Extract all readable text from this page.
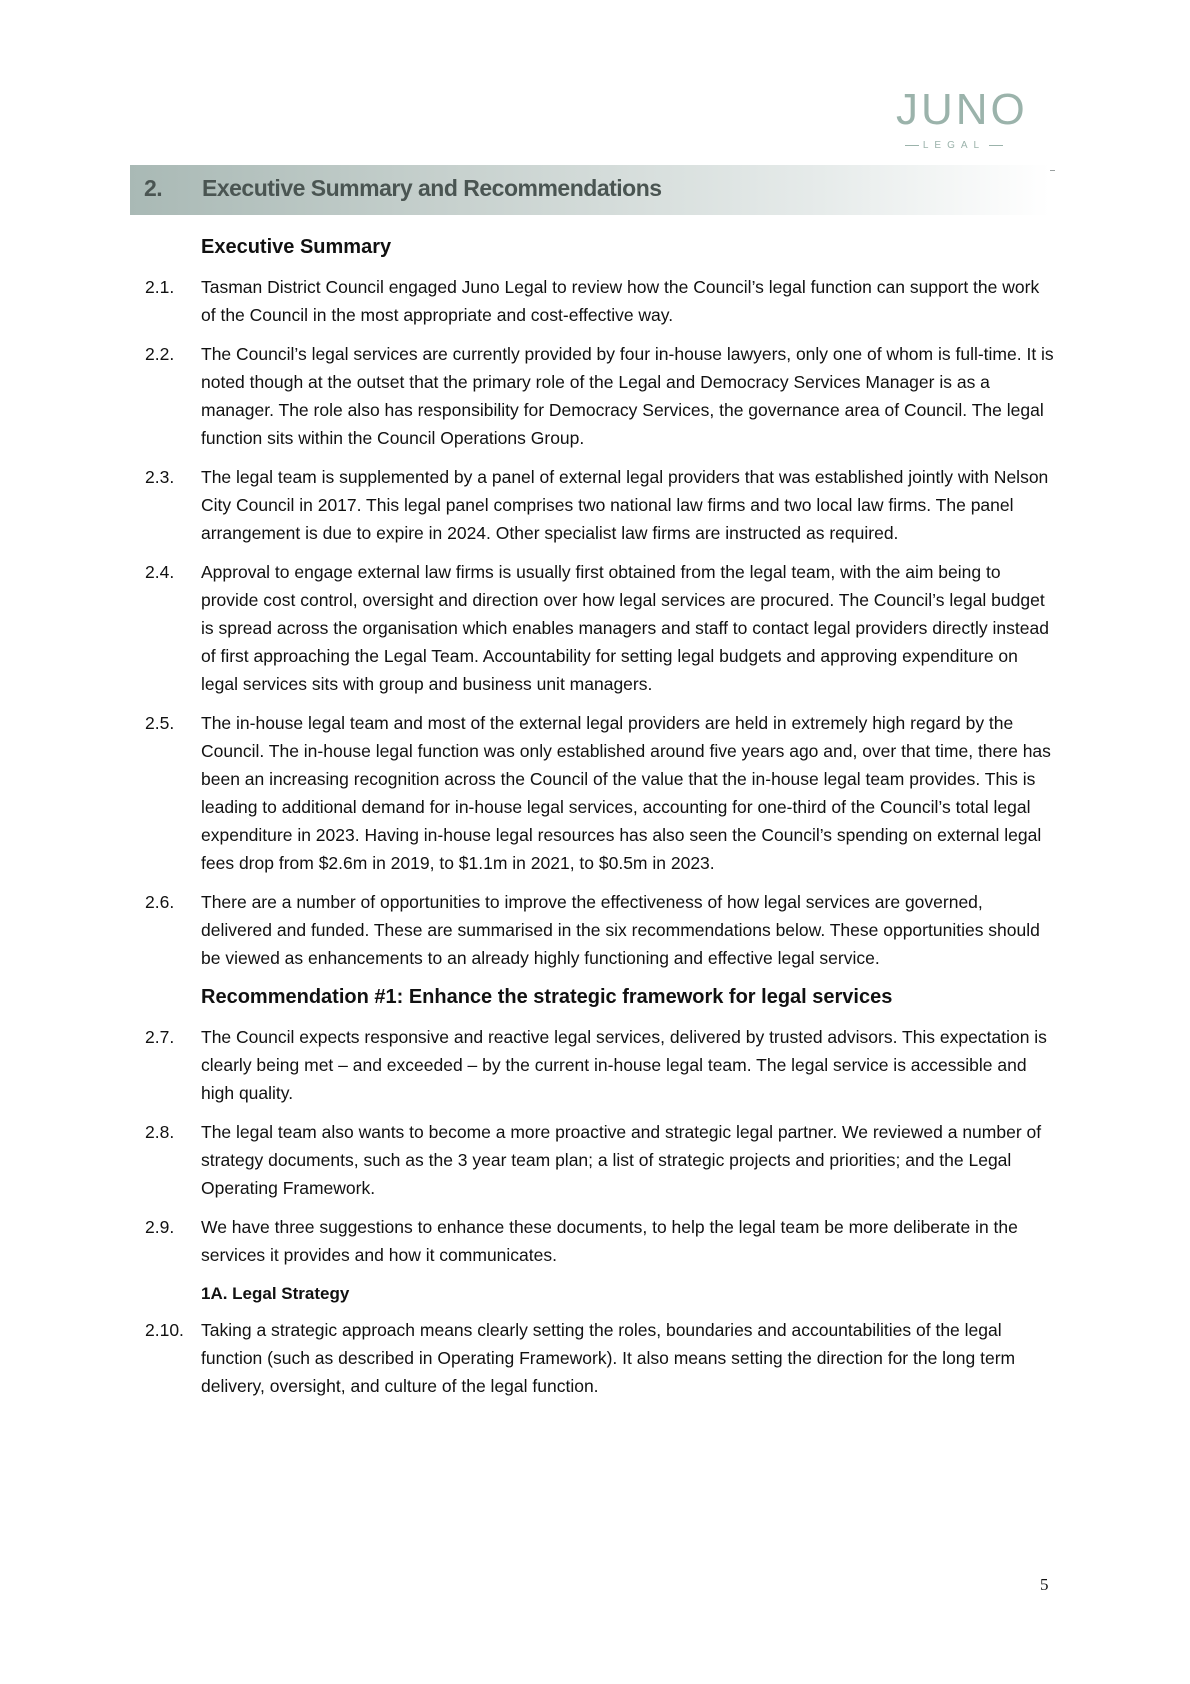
JUNO
LEGAL
2. Executive Summary and Recommendations
Executive Summary
2.1.	Tasman District Council engaged Juno Legal to review how the Council’s legal function can support the work of the Council in the most appropriate and cost-effective way.
2.2.	The Council’s legal services are currently provided by four in-house lawyers, only one of whom is full-time. It is noted though at the outset that the primary role of the Legal and Democracy Services Manager is as a manager. The role also has responsibility for Democracy Services, the governance area of Council. The legal function sits within the Council Operations Group.
2.3.	The legal team is supplemented by a panel of external legal providers that was established jointly with Nelson City Council in 2017. This legal panel comprises two national law firms and two local law firms. The panel arrangement is due to expire in 2024. Other specialist law firms are instructed as required.
2.4.	Approval to engage external law firms is usually first obtained from the legal team, with the aim being to provide cost control, oversight and direction over how legal services are procured. The Council’s legal budget is spread across the organisation which enables managers and staff to contact legal providers directly instead of first approaching the Legal Team. Accountability for setting legal budgets and approving expenditure on legal services sits with group and business unit managers.
2.5.	The in-house legal team and most of the external legal providers are held in extremely high regard by the Council. The in-house legal function was only established around five years ago and, over that time, there has been an increasing recognition across the Council of the value that the in-house legal team provides. This is leading to additional demand for in-house legal services, accounting for one-third of the Council’s total legal expenditure in 2023. Having in-house legal resources has also seen the Council’s spending on external legal fees drop from $2.6m in 2019, to $1.1m in 2021, to $0.5m in 2023.
2.6.	There are a number of opportunities to improve the effectiveness of how legal services are governed, delivered and funded. These are summarised in the six recommendations below. These opportunities should be viewed as enhancements to an already highly functioning and effective legal service.
Recommendation #1: Enhance the strategic framework for legal services
2.7.	The Council expects responsive and reactive legal services, delivered by trusted advisors. This expectation is clearly being met – and exceeded – by the current in-house legal team. The legal service is accessible and high quality.
2.8.	The legal team also wants to become a more proactive and strategic legal partner. We reviewed a number of strategy documents, such as the 3 year team plan; a list of strategic projects and priorities; and the Legal Operating Framework.
2.9.	We have three suggestions to enhance these documents, to help the legal team be more deliberate in the services it provides and how it communicates.
1A. Legal Strategy
2.10. Taking a strategic approach means clearly setting the roles, boundaries and accountabilities of the legal function (such as described in Operating Framework). It also means setting the direction for the long term delivery, oversight, and culture of the legal function.
5
